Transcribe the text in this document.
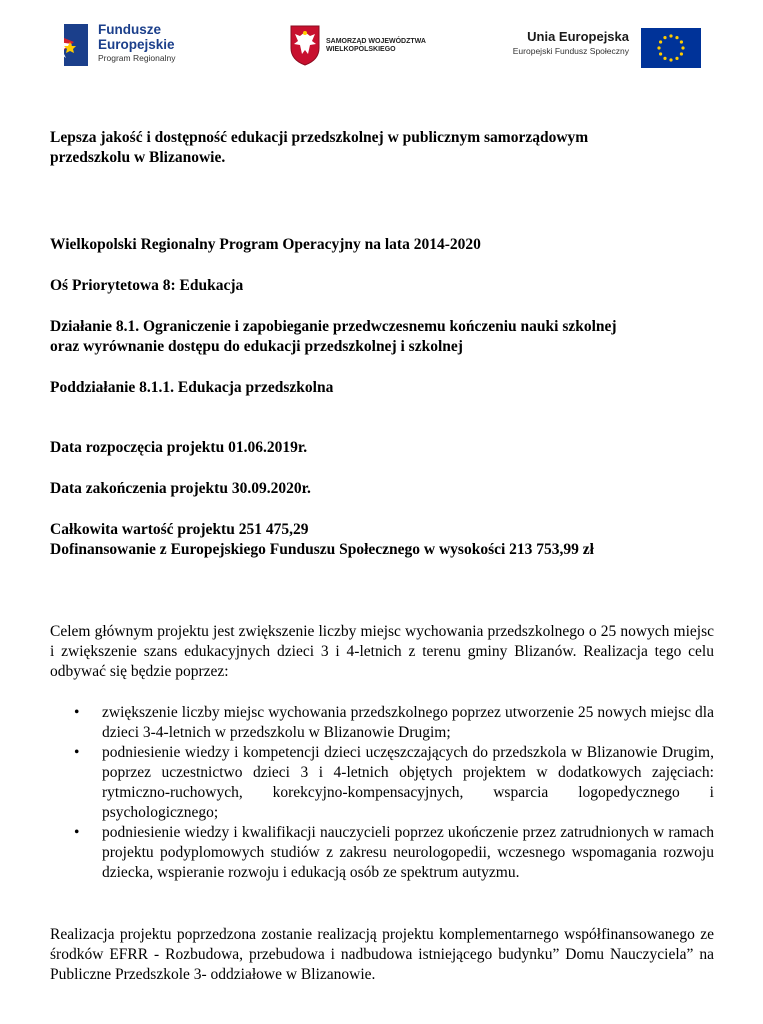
Fundusze
Europejskie
Program Regionalny
SAMORZĄD WOJEWÓDZTWA
WIELKOPOLSKIEGO
Unia Europejska
Europejski Fundusz Społeczny

Lepsza jakość i dostępność edukacji przedszkolnej w publicznym samorządowym
przedszkolu w Blizanowie.

Wielkopolski Regionalny Program Operacyjny na lata 2014-2020

Oś Priorytetowa 8: Edukacja

Działanie 8.1. Ograniczenie i zapobieganie przedwczesnemu kończeniu nauki szkolnej
oraz wyrównanie dostępu do edukacji przedszkolnej i szkolnej

Poddziałanie 8.1.1. Edukacja przedszkolna

Data rozpoczęcia projektu 01.06.2019r.

Data zakończenia projektu 30.09.2020r.

Całkowita wartość projektu 251 475,29

Dofinansowanie z Europejskiego Funduszu Społecznego w wysokości 213 753,99 zł

Celem głównym projektu jest zwiększenie liczby miejsc wychowania przedszkolnego o 25 nowych miejsc i zwiększenie szans edukacyjnych dzieci 3 i 4-letnich z terenu gminy Blizanów. Realizacja tego celu odbywać się będzie poprzez:

• zwiększenie liczby miejsc wychowania przedszkolnego poprzez utworzenie 25 nowych miejsc dla dzieci 3-4-letnich w przedszkolu w Blizanowie Drugim;
• podniesienie wiedzy i kompetencji dzieci uczęszczających do przedszkola w Blizanowie Drugim, poprzez uczestnictwo dzieci 3 i 4-letnich objętych projektem w dodatkowych zajęciach: rytmiczno-ruchowych, korekcyjno-kompensacyjnych, wsparcia logopedycznego i psychologicznego;
• podniesienie wiedzy i kwalifikacji nauczycieli poprzez ukończenie przez zatrudnionych w ramach projektu podyplomowych studiów z zakresu neurologopedii, wczesnego wspomagania rozwoju dziecka, wspieranie rozwoju i edukacją osób ze spektrum autyzmu.

Realizacja projektu poprzedzona zostanie realizacją projektu komplementarnego współfinansowanego ze środków EFRR - Rozbudowa, przebudowa i nadbudowa istniejącego budynku” Domu Nauczyciela” na Publiczne Przedszkole 3- oddziałowe w Blizanowie.
